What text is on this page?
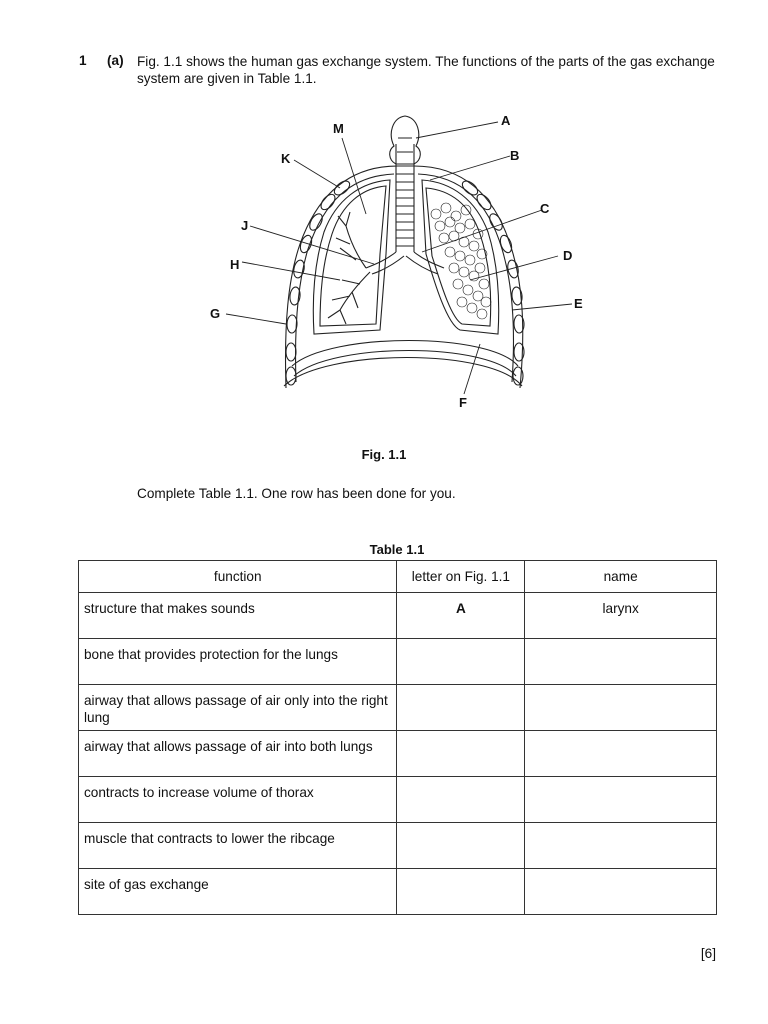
1 (a) Fig. 1.1 shows the human gas exchange system. The functions of the parts of the gas exchange system are given in Table 1.1.
A
B
C
D
E
F
G
H
J
K
M
Fig. 1.1
Complete Table 1.1. One row has been done for you.
Table 1.1
function	letter on Fig. 1.1	name
structure that makes sounds	A	larynx
bone that provides protection for the lungs		
airway that allows passage of air only into the right lung		
airway that allows passage of air into both lungs		
contracts to increase volume of thorax		
muscle that contracts to lower the ribcage		
site of gas exchange		
[6]
